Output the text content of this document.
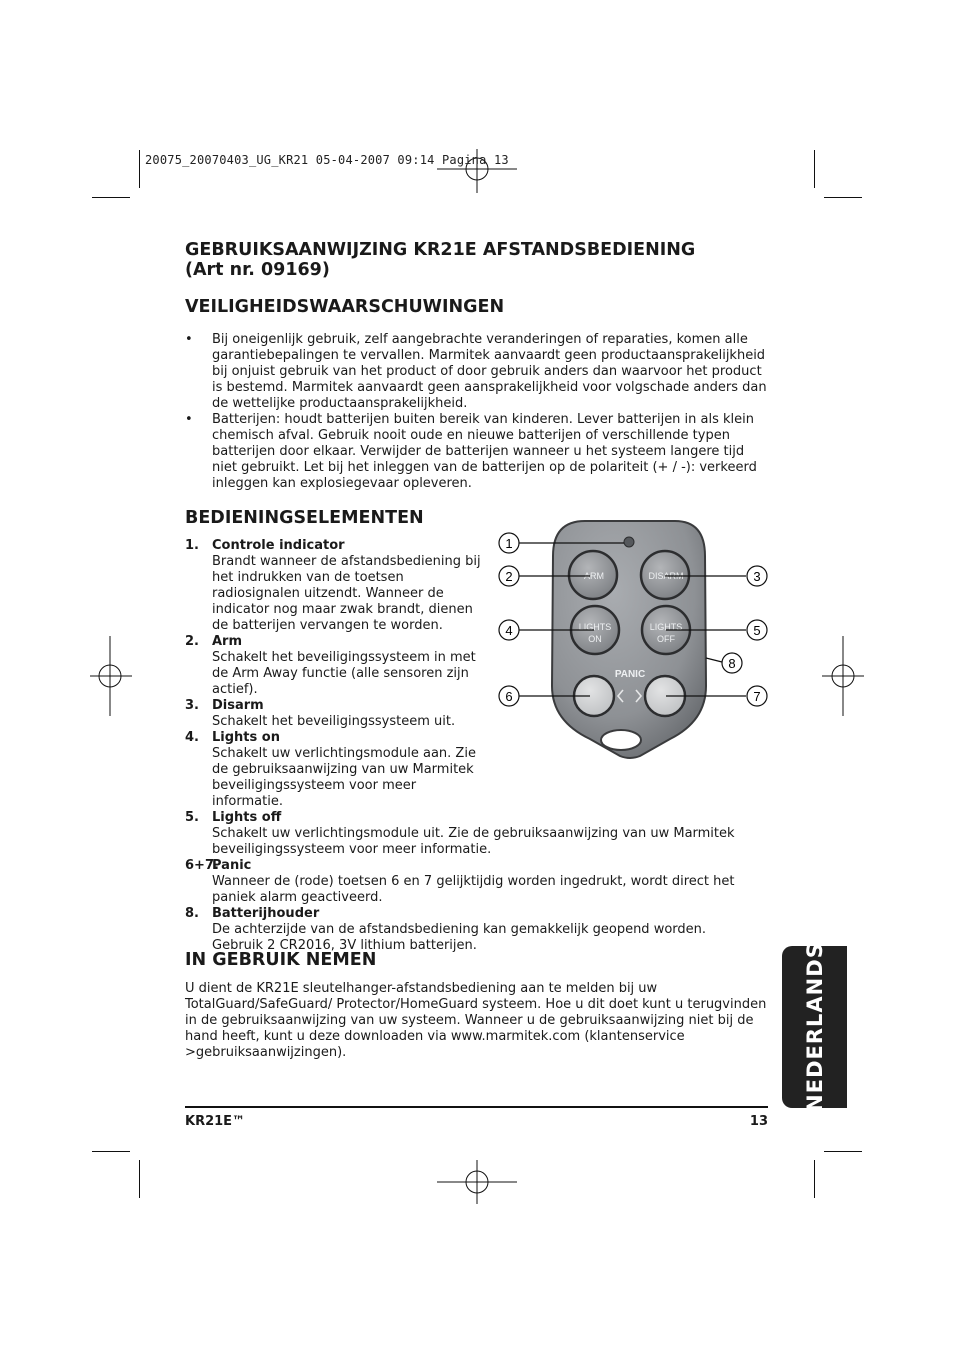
20075_20070403_UG_KR21 05-04-2007 09:14 Pagina 13
GEBRUIKSAANWIJZING KR21E AFSTANDSBEDIENING
(Art nr. 09169)
VEILIGHEIDSWAARSCHUWINGEN
• Bij oneigenlijk gebruik, zelf aangebrachte veranderingen of reparaties, komen alle garantiebepalingen te vervallen. Marmitek aanvaardt geen productaansprakelijkheid bij onjuist gebruik van het product of door gebruik anders dan waarvoor het product is bestemd. Marmitek aanvaardt geen aansprakelijkheid voor volgschade anders dan de wettelijke productaansprakelijkheid.
• Batterijen: houdt batterijen buiten bereik van kinderen. Lever batterijen in als klein chemisch afval. Gebruik nooit oude en nieuwe batterijen of verschillende typen batterijen door elkaar. Verwijder de batterijen wanneer u het systeem langere tijd niet gebruikt. Let bij het inleggen van de batterijen op de polariteit (+ / -): verkeerd inleggen kan explosiegevaar opleveren.
BEDIENINGSELEMENTEN
1. Controle indicator
Brandt wanneer de afstandsbediening bij het indrukken van de toetsen radiosignalen uitzendt. Wanneer de indicator nog maar zwak brandt, dienen de batterijen vervangen te worden.
2. Arm
Schakelt het beveiligingssysteem in met de Arm Away functie (alle sensoren zijn actief).
3. Disarm
Schakelt het beveiligingssysteem uit.
4. Lights on
Schakelt uw verlichtingsmodule aan. Zie de gebruiksaanwijzing van uw Marmitek beveiligingssysteem voor meer informatie.
5. Lights off
Schakelt uw verlichtingsmodule uit. Zie de gebruiksaanwijzing van uw Marmitek beveiligingssysteem voor meer informatie.
6+7.
Panic
Wanneer de (rode) toetsen 6 en 7 gelijktijdig worden ingedrukt, wordt direct het paniek alarm geactiveerd.
8. Batterijhouder
De achterzijde van de afstandsbediening kan gemakkelijk geopend worden.
Gebruik 2 CR2016, 3V lithium batterijen.
ARM	DISARM
LIGHTS
ON
LIGHTS
OFF
PANIC
1
2	3
4	5
6	7
8
IN GEBRUIK NEMEN

U dient de KR21E sleutelhanger-afstandsbediening aan te melden bij uw TotalGuard/SafeGuard/ Protector/HomeGuard systeem. Hoe u dit doet kunt u terugvinden in de gebruiksaanwijzing van uw systeem. Wanneer u de gebruiksaanwijzing niet bij de hand heeft, kunt u deze downloaden via www.marmitek.com (klantenservice >gebruiksaanwijzingen).	NEDERLANDS
KR21E™	13
